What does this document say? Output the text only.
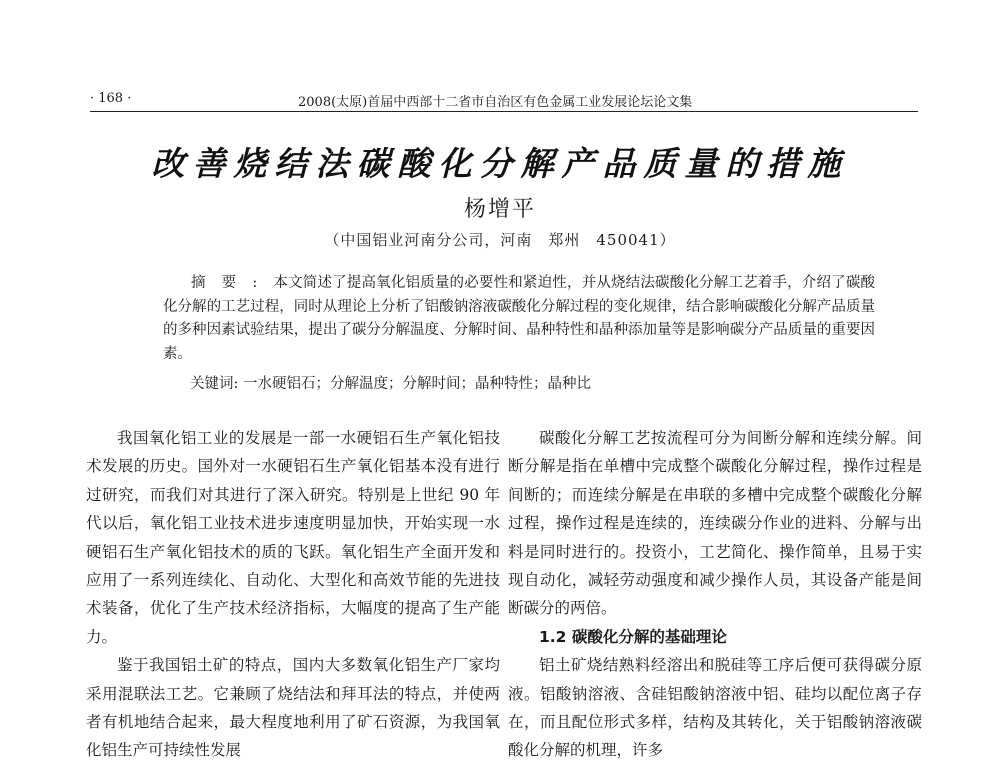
· 168 ·	2008(太原)首届中西部十二省市自治区有色金属工业发展论坛论文集
改善烧结法碳酸化分解产品质量的措施
杨增平
（中国铝业河南分公司，河南　郑州　450041）

摘要:本文简述了提高氧化铝质量的必要性和紧迫性，并从烧结法碳酸化分解工艺着手，介绍了碳酸化分解的工艺过程，同时从理论上分析了铝酸钠溶液碳酸化分解过程的变化规律，结合影响碳酸化分解产品质量的多种因素试验结果，提出了碳分分解温度、分解时间、晶种特性和晶种添加量等是影响碳分产品质量的重要因素。

关键词: 一水硬铝石；分解温度；分解时间；晶种特性；晶种比

我国氧化铝工业的发展是一部一水硬铝石生产氧化铝技术发展的历史。国外对一水硬铝石生产氧化铝基本没有进行过研究，而我们对其进行了深入研究。特别是上世纪 90 年代以后，氧化铝工业技术进步速度明显加快，开始实现一水硬铝石生产氧化铝技术的质的飞跃。氧化铝生产全面开发和应用了一系列连续化、自动化、大型化和高效节能的先进技术装备，优化了生产技术经济指标，大幅度的提高了生产能力。

鉴于我国铝土矿的特点，国内大多数氧化铝生产厂家均采用混联法工艺。它兼顾了烧结法和拜耳法的特点，并使两者有机地结合起来，最大程度地利用了矿石资源，为我国氧化铝生产可持续性发展

碳酸化分解工艺按流程可分为间断分解和连续分解。间断分解是指在单槽中完成整个碳酸化分解过程，操作过程是间断的；而连续分解是在串联的多槽中完成整个碳酸化分解过程，操作过程是连续的，连续碳分作业的进料、分解与出料是同时进行的。投资小，工艺简化、操作简单，且易于实现自动化，减轻劳动强度和减少操作人员，其设备产能是间断碳分的两倍。

1.2 碳酸化分解的基础理论

铝土矿烧结熟料经溶出和脱硅等工序后便可获得碳分原液。铝酸钠溶液、含硅铝酸钠溶液中铝、硅均以配位离子存在，而且配位形式多样，结构及其转化，关于铝酸钠溶液碳酸化分解的机理，许多
